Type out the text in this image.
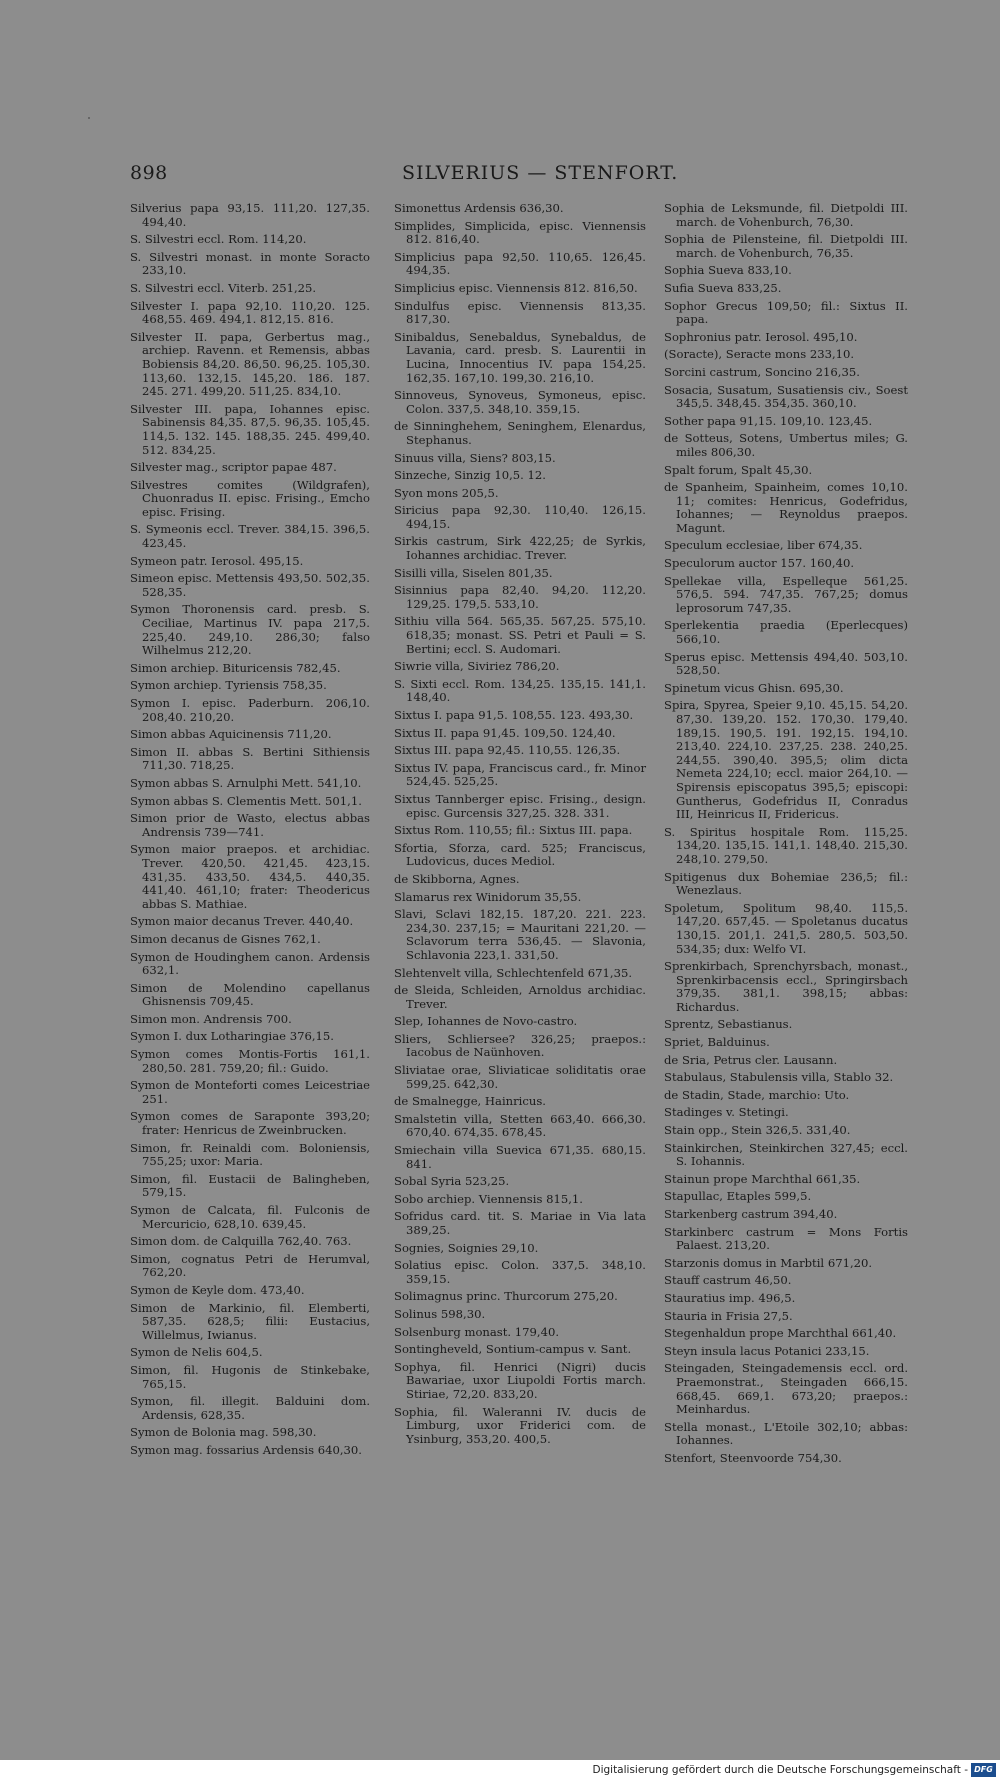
898	SILVERIUS — STENFORT.
Silverius papa 93,15. 111,20. 127,35. 494,40.
S. Silvestri eccl. Rom. 114,20.
S. Silvestri monast. in monte Soracto 233,10.
S. Silvestri eccl. Viterb. 251,25.
Silvester I. papa 92,10. 110,20. 125. 468,55. 469. 494,1. 812,15. 816.
Silvester II. papa, Gerbertus mag., archiep. Ravenn. et Remensis, abbas Bobiensis 84,20. 86,50. 96,25. 105,30. 113,60. 132,15. 145,20. 186. 187. 245. 271. 499,20. 511,25. 834,10.
Silvester III. papa, Iohannes episc. Sabinensis 84,35. 87,5. 96,35. 105,45. 114,5. 132. 145. 188,35. 245. 499,40. 512. 834,25.
Silvester mag., scriptor papae 487.
Silvestres comites (Wildgrafen), Chuonradus II. episc. Frising., Emcho episc. Frising.
S. Symeonis eccl. Trever. 384,15. 396,5. 423,45.
Symeon patr. Ierosol. 495,15.
Simeon episc. Mettensis 493,50. 502,35. 528,35.
Symon Thoronensis card. presb. S. Ceciliae, Martinus IV. papa 217,5. 225,40. 249,10. 286,30; falso Wilhelmus 212,20.
Simon archiep. Bituricensis 782,45.
Symon archiep. Tyriensis 758,35.
Symon I. episc. Paderburn. 206,10. 208,40. 210,20.
Simon abbas Aquicinensis 711,20.
Simon II. abbas S. Bertini Sithiensis 711,30. 718,25.
Symon abbas S. Arnulphi Mett. 541,10.
Symon abbas S. Clementis Mett. 501,1.
Simon prior de Wasto, electus abbas Andrensis 739—741.
Symon maior praepos. et archidiac. Trever. 420,50. 421,45. 423,15. 431,35. 433,50. 434,5. 440,35. 441,40. 461,10; frater: Theodericus abbas S. Mathiae.
Symon maior decanus Trever. 440,40.
Simon decanus de Gisnes 762,1.
Symon de Houdinghem canon. Ardensis 632,1.
Simon de Molendino capellanus Ghisnensis 709,45.
Simon mon. Andrensis 700.
Symon I. dux Lotharingiae 376,15.
Symon comes Montis-Fortis 161,1. 280,50. 281. 759,20; fil.: Guido.
Symon de Monteforti comes Leicestriae 251.
Symon comes de Saraponte 393,20; frater: Henricus de Zweinbrucken.
Simon, fr. Reinaldi com. Boloniensis, 755,25; uxor: Maria.
Simon, fil. Eustacii de Balingheben, 579,15.
Symon de Calcata, fil. Fulconis de Mercuricio, 628,10. 639,45.
Simon dom. de Calquilla 762,40. 763.
Simon, cognatus Petri de Herumval, 762,20.
Symon de Keyle dom. 473,40.
Simon de Markinio, fil. Elemberti, 587,35. 628,5; filii: Eustacius, Willelmus, Iwianus.
Symon de Nelis 604,5.
Simon, fil. Hugonis de Stinkebake, 765,15.
Symon, fil. illegit. Balduini dom. Ardensis, 628,35.
Symon de Bolonia mag. 598,30.
Symon mag. fossarius Ardensis 640,30.
Simonettus Ardensis 636,30.
Simplides, Simplicida, episc. Viennensis 812. 816,40.
Simplicius papa 92,50. 110,65. 126,45. 494,35.
Simplicius episc. Viennensis 812. 816,50.
Sindulfus episc. Viennensis 813,35. 817,30.
Sinibaldus, Senebaldus, Synebaldus, de Lavania, card. presb. S. Laurentii in Lucina, Innocentius IV. papa 154,25. 162,35. 167,10. 199,30. 216,10.
Sinnoveus, Synoveus, Symoneus, episc. Colon. 337,5. 348,10. 359,15.
de Sinninghehem, Seninghem, Elenardus, Stephanus.
Sinuus villa, Siens? 803,15.
Sinzeche, Sinzig 10,5. 12.
Syon mons 205,5.
Siricius papa 92,30. 110,40. 126,15. 494,15.
Sirkis castrum, Sirk 422,25; de Syrkis, Iohannes archidiac. Trever.
Sisilli villa, Siselen 801,35.
Sisinnius papa 82,40. 94,20. 112,20. 129,25. 179,5. 533,10.
Sithiu villa 564. 565,35. 567,25. 575,10. 618,35; monast. SS. Petri et Pauli = S. Bertini; eccl. S. Audomari.
Siwrie villa, Siviriez 786,20.
S. Sixti eccl. Rom. 134,25. 135,15. 141,1. 148,40.
Sixtus I. papa 91,5. 108,55. 123. 493,30.
Sixtus II. papa 91,45. 109,50. 124,40.
Sixtus III. papa 92,45. 110,55. 126,35.
Sixtus IV. papa, Franciscus card., fr. Minor 524,45. 525,25.
Sixtus Tannberger episc. Frising., design. episc. Gurcensis 327,25. 328. 331.
Sixtus Rom. 110,55; fil.: Sixtus III. papa.
Sfortia, Sforza, card. 525; Franciscus, Ludovicus, duces Mediol.
de Skibborna, Agnes.
Slamarus rex Winidorum 35,55.
Slavi, Sclavi 182,15. 187,20. 221. 223. 234,30. 237,15; = Mauritani 221,20. — Sclavorum terra 536,45. — Slavonia, Schlavonia 223,1. 331,50.
Slehtenvelt villa, Schlechtenfeld 671,35.
de Sleida, Schleiden, Arnoldus archidiac. Trever.
Slep, Iohannes de Novo-castro.
Sliers, Schliersee? 326,25; praepos.: Iacobus de Naünhoven.
Sliviatae orae, Sliviaticae soliditatis orae 599,25. 642,30.
de Smalnegge, Hainricus.
Smalstetin villa, Stetten 663,40. 666,30. 670,40. 674,35. 678,45.
Smiechain villa Suevica 671,35. 680,15. 841.
Sobal Syria 523,25.
Sobo archiep. Viennensis 815,1.
Sofridus card. tit. S. Mariae in Via lata 389,25.
Sognies, Soignies 29,10.
Solatius episc. Colon. 337,5. 348,10. 359,15.
Solimagnus princ. Thurcorum 275,20.
Solinus 598,30.
Solsenburg monast. 179,40.
Sontingheveld, Sontium-campus v. Sant.
Sophya, fil. Henrici (Nigri) ducis Bawariae, uxor Liupoldi Fortis march. Stiriae, 72,20. 833,20.
Sophia, fil. Waleranni IV. ducis de Limburg, uxor Friderici com. de Ysinburg, 353,20. 400,5.
Sophia de Leksmunde, fil. Dietpoldi III. march. de Vohenburch, 76,30.
Sophia de Pilensteine, fil. Dietpoldi III. march. de Vohenburch, 76,35.
Sophia Sueva 833,10.
Sufia Sueva 833,25.
Sophor Grecus 109,50; fil.: Sixtus II. papa.
Sophronius patr. Ierosol. 495,10.
(Soracte), Seracte mons 233,10.
Sorcini castrum, Soncino 216,35.
Sosacia, Susatum, Susatiensis civ., Soest 345,5. 348,45. 354,35. 360,10.
Sother papa 91,15. 109,10. 123,45.
de Sotteus, Sotens, Umbertus miles; G. miles 806,30.
Spalt forum, Spalt 45,30.
de Spanheim, Spainheim, comes 10,10. 11; comites: Henricus, Godefridus, Iohannes; — Reynoldus praepos. Magunt.
Speculum ecclesiae, liber 674,35.
Speculorum auctor 157. 160,40.
Spellekae villa, Espelleque 561,25. 576,5. 594. 747,35. 767,25; domus leprosorum 747,35.
Sperlekentia praedia (Eperlecques) 566,10.
Sperus episc. Mettensis 494,40. 503,10. 528,50.
Spinetum vicus Ghisn. 695,30.
Spira, Spyrea, Speier 9,10. 45,15. 54,20. 87,30. 139,20. 152. 170,30. 179,40. 189,15. 190,5. 191. 192,15. 194,10. 213,40. 224,10. 237,25. 238. 240,25. 244,55. 390,40. 395,5; olim dicta Nemeta 224,10; eccl. maior 264,10. — Spirensis episcopatus 395,5; episcopi: Guntherus, Godefridus II, Conradus III, Heinricus II, Fridericus.
S. Spiritus hospitale Rom. 115,25. 134,20. 135,15. 141,1. 148,40. 215,30. 248,10. 279,50.
Spitigenus dux Bohemiae 236,5; fil.: Wenezlaus.
Spoletum, Spolitum 98,40. 115,5. 147,20. 657,45. — Spoletanus ducatus 130,15. 201,1. 241,5. 280,5. 503,50. 534,35; dux: Welfo VI.
Sprenkirbach, Sprenchyrsbach, monast., Sprenkirbacensis eccl., Springirsbach 379,35. 381,1. 398,15; abbas: Richardus.
Sprentz, Sebastianus.
Spriet, Balduinus.
de Sria, Petrus cler. Lausann.
Stabulaus, Stabulensis villa, Stablo 32.
de Stadin, Stade, marchio: Uto.
Stadinges v. Stetingi.
Stain opp., Stein 326,5. 331,40.
Stainkirchen, Steinkirchen 327,45; eccl. S. Iohannis.
Stainun prope Marchthal 661,35.
Stapullac, Etaples 599,5.
Starkenberg castrum 394,40.
Starkinberc castrum = Mons Fortis Palaest. 213,20.
Starzonis domus in Marbtil 671,20.
Stauff castrum 46,50.
Stauratius imp. 496,5.
Stauria in Frisia 27,5.
Stegenhaldun prope Marchthal 661,40.
Steyn insula lacus Potanici 233,15.
Steingaden, Steingademensis eccl. ord. Praemonstrat., Steingaden 666,15. 668,45. 669,1. 673,20; praepos.: Meinhardus.
Stella monast., L'Etoile 302,10; abbas: Iohannes.
Stenfort, Steenvoorde 754,30.
Digitalisierung gefördert durch die Deutsche Forschungsgemeinschaft - DFG
